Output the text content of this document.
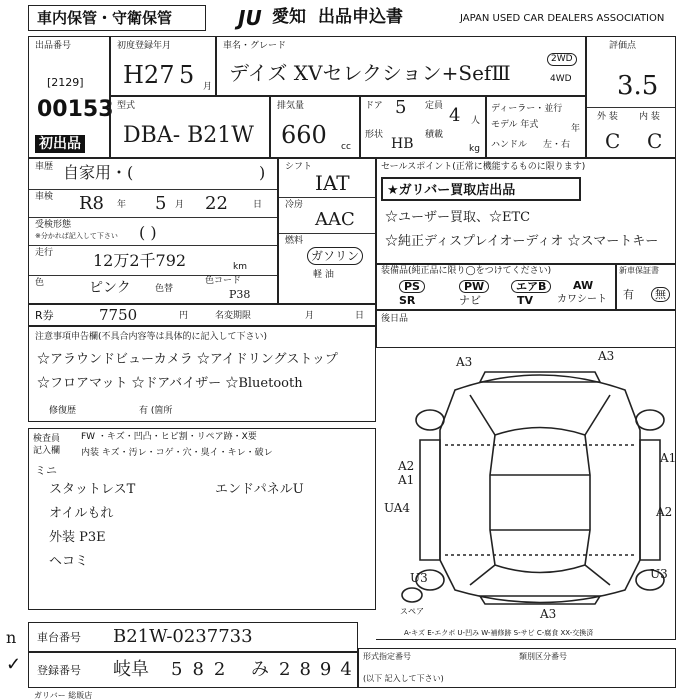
車内保管・守衛保管	JU 愛知 出品申込書	JAPAN USED CAR DEALERS ASSOCIATION
出品番号
[2129]
00153
初出品
初度登録年月
H27 5 月
車名・グレード
デイズ XVセレクション+SefⅢ
2WD
4WD
評価点
3.5
外 装 内 装
C C
型式
DBA- B21W
排気量
660 cc
ドア 5 定員 4 人
形状
HB
積載
kg
ディーラー・並行
モデル 年式	年
ハンドル 左・右
車歴 自家用・(	)
車検 R8 年 5 月 22	日
受検形態
※分かれば記入して下さい ( )
走行 12万2千792	km
色	ピンク	色替
色コード
P38
シフト
IAT
冷房
AAC
燃料
ガソリン
軽 油
セールスポイント(正常に機能するものに限ります)
★ガリバー買取店出品
☆ユーザー買取、☆ETC
☆純正ディスプレイオーディオ ☆スマートキー
装備品(純正品に限り◯をつけてください)
PS	PW	エアB	AW
SR	ナビ	TV カワシート
新車保証書
有	無
後日品
R券	7750	円	名変期限	月	日
注意事項申告欄(不具合内容等は具体的に記入して下さい)
☆アラウンドビューカメラ ☆アイドリングストップ
☆フロアマット ☆ドアバイザー ☆Bluetooth
修復歴	有 (箇所
検査員 記入欄
FW ・キズ・凹凸・ヒビ割・リペア跡・X要
内装 キズ・汚レ・コゲ・穴・臭イ・キレ・破レ
ミニ
スタットレスT
オイルもれ
外装 P3E
ヘコミ
エンドパネルU
A3	A3
A1
A2
A1
UA4	A2
U3	U3
A3
スペア
A-キズ E-エクボ U-凹み W-補修跡 S-サビ C-腐食 XX-交換済
車台番号 B21W-0237733
登録番号 岐阜 582 み 2894
形式指定番号	類別区分番号
(以下 記入して下さい)
ガリバー 総販店
n
✓
